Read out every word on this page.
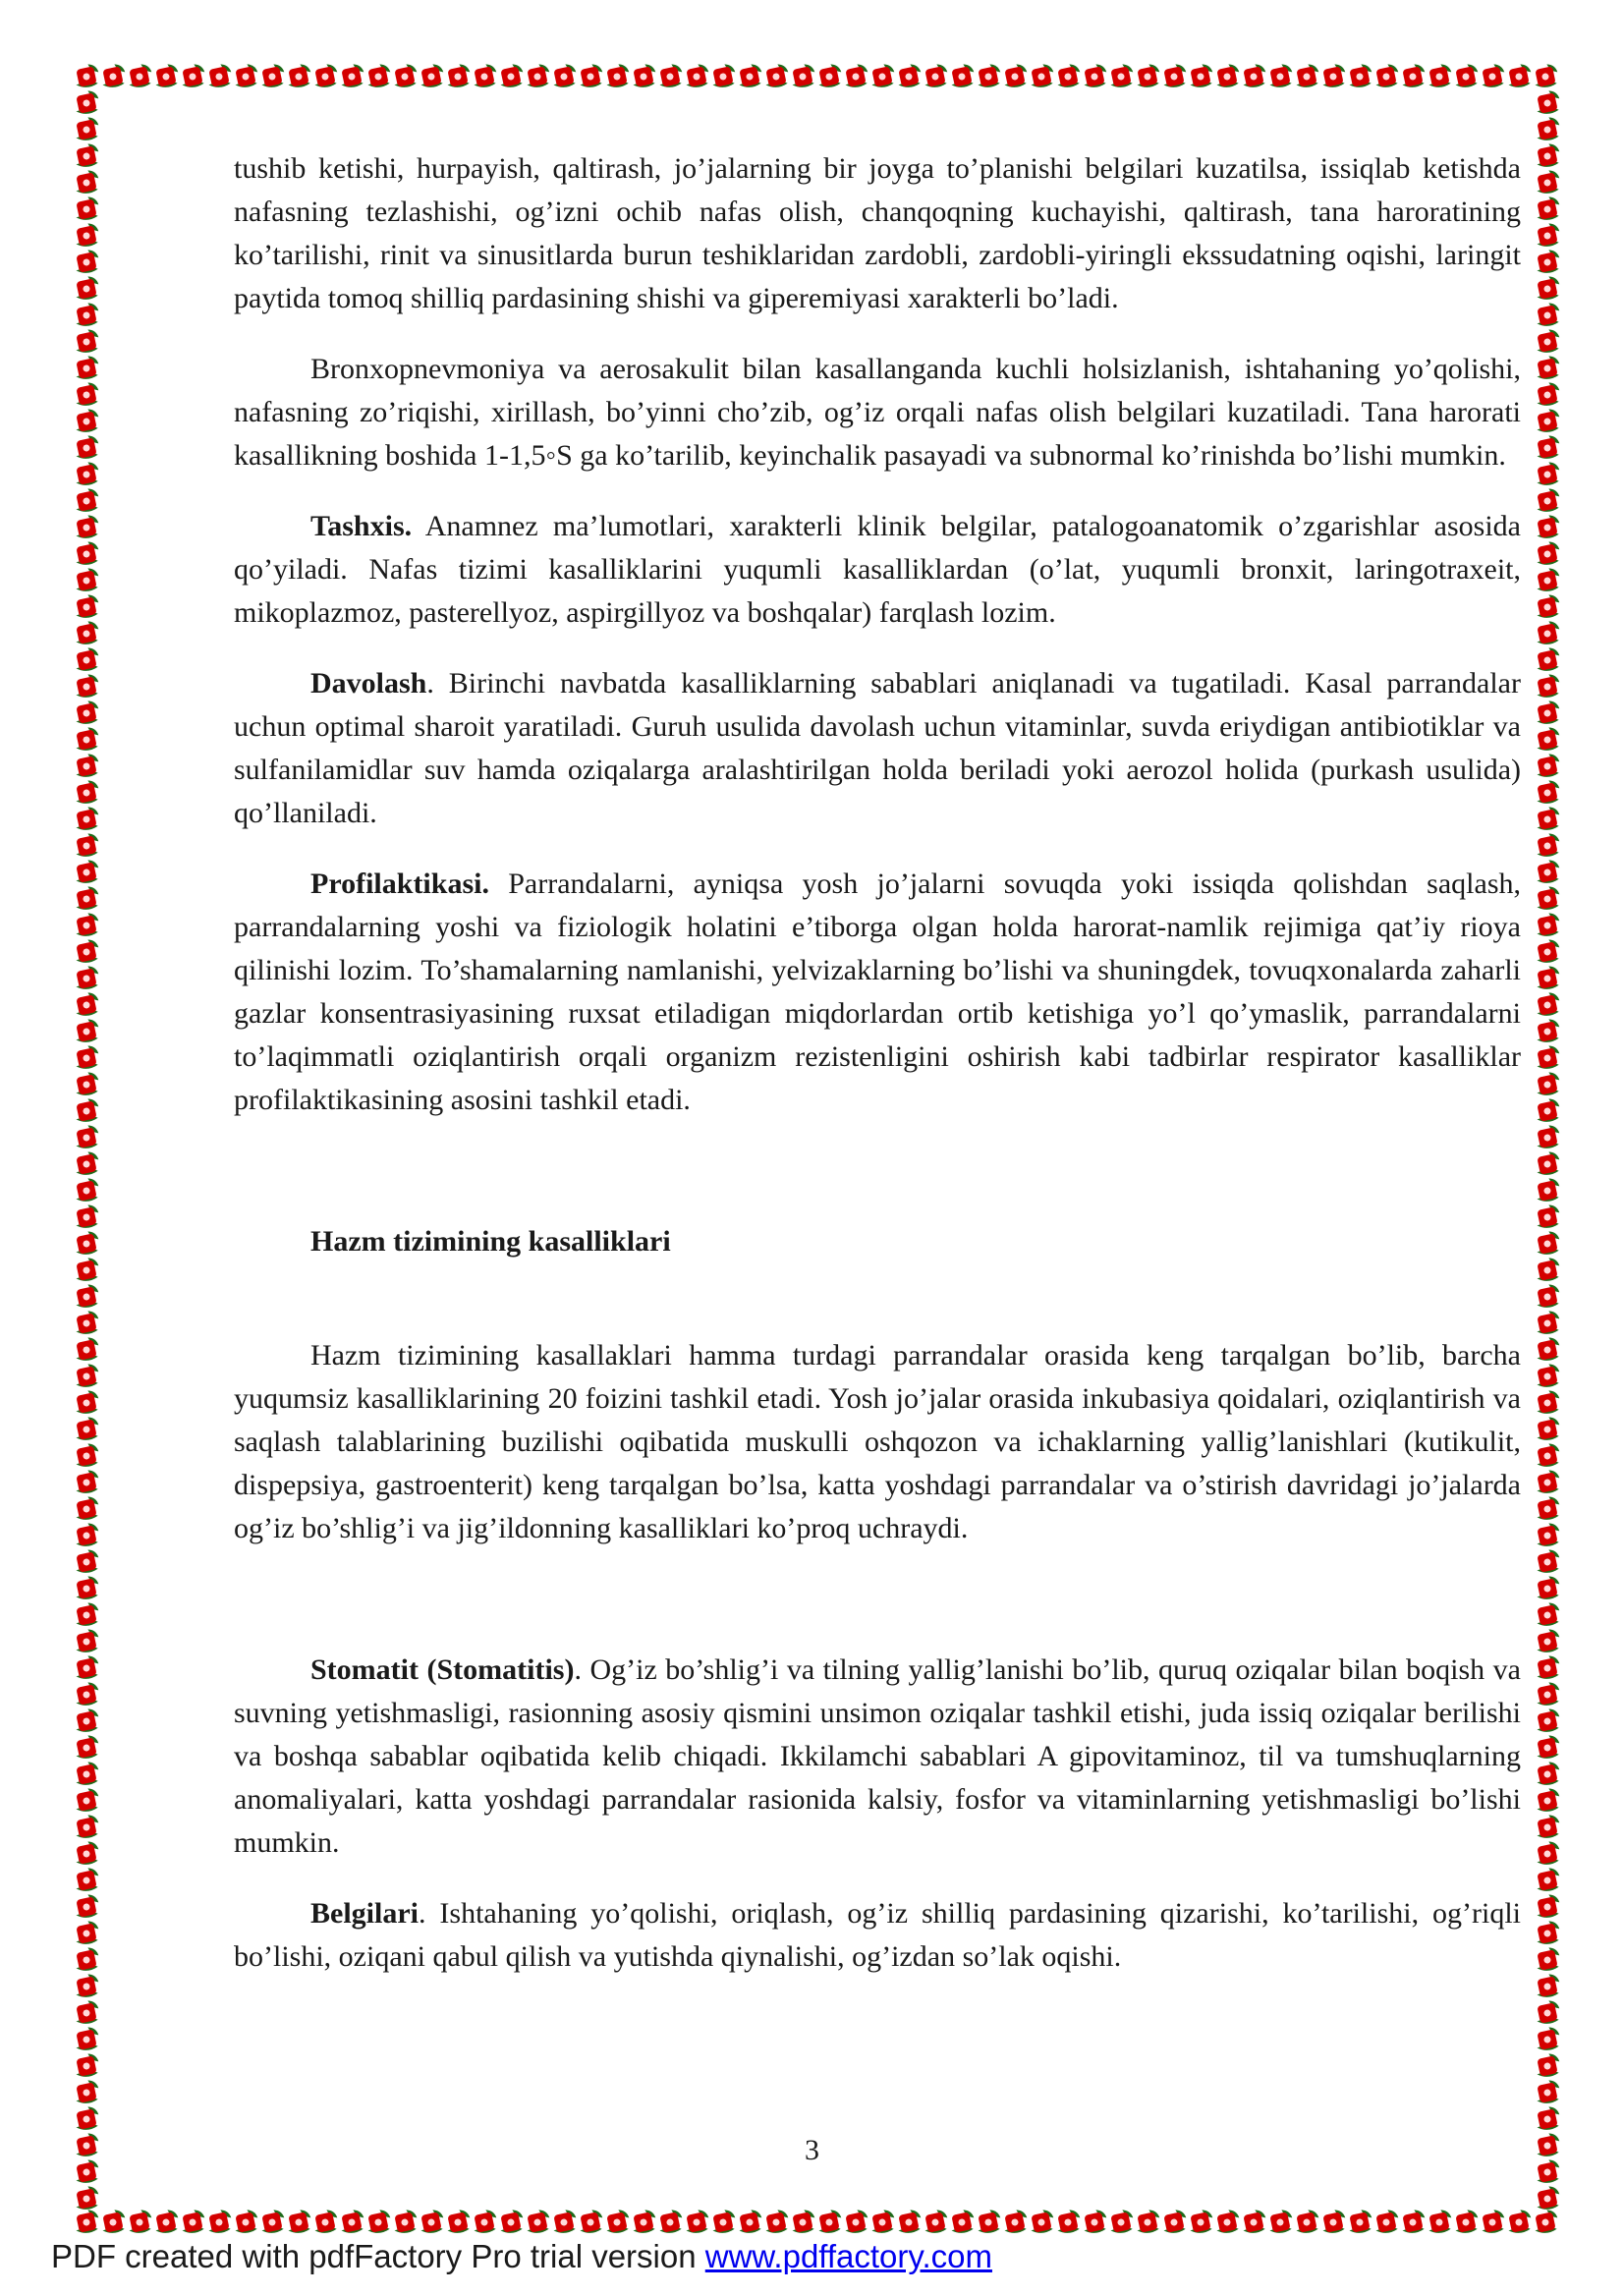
tushib ketishi, hurpayish, qaltirash, jo’jalarning bir joyga to’planishi belgilari kuzatilsa, issiqlab ketishda nafasning tezlashishi, og’izni ochib nafas olish, chanqoqning kuchayishi, qaltirash, tana haroratining ko’tarilishi, rinit va sinusitlarda burun teshiklaridan zardobli, zardobli-yiringli ekssudatning oqishi, laringit paytida tomoq shilliq pardasining shishi va giperemiyasi xarakterli bo’ladi.

Bronxopnevmoniya va aerosakulit bilan kasallanganda kuchli holsizlanish, ishtahaning yo’qolishi, nafasning zo’riqishi, xirillash, bo’yinni cho’zib, og’iz orqali nafas olish belgilari kuzatiladi. Tana harorati kasallikning boshida 1-1,5◦S ga ko’tarilib, keyinchalik pasayadi va subnormal ko’rinishda bo’lishi mumkin.

Tashxis. Anamnez ma’lumotlari, xarakterli klinik belgilar, patalogoanatomik o’zgarishlar asosida qo’yiladi. Nafas tizimi kasalliklarini yuqumli kasalliklardan (o’lat, yuqumli bronxit, laringotraxeit, mikoplazmoz, pasterellyoz, aspirgillyoz va boshqalar) farqlash lozim.

Davolash. Birinchi navbatda kasalliklarning sabablari aniqlanadi va tugatiladi. Kasal parrandalar uchun optimal sharoit yaratiladi. Guruh usulida davolash uchun vitaminlar, suvda eriydigan antibiotiklar va sulfanilamidlar suv hamda oziqalarga aralashtirilgan holda beriladi yoki aerozol holida (purkash usulida) qo’llaniladi.

Profilaktikasi. Parrandalarni, ayniqsa yosh jo’jalarni sovuqda yoki issiqda qolishdan saqlash, parrandalarning yoshi va fiziologik holatini e’tiborga olgan holda harorat-namlik rejimiga qat’iy rioya qilinishi lozim. To’shamalarning namlanishi, yelvizaklarning bo’lishi va shuningdek, tovuqxonalarda zaharli gazlar konsentrasiyasining ruxsat etiladigan miqdorlardan ortib ketishiga yo’l qo’ymaslik, parrandalarni to’laqimmatli oziqlantirish orqali organizm rezistenligini oshirish kabi tadbirlar respirator kasalliklar profilaktikasining asosini tashkil etadi.

Hazm tizimining kasalliklari

Hazm tizimining kasallaklari hamma turdagi parrandalar orasida keng tarqalgan bo’lib, barcha yuqumsiz kasalliklarining 20 foizini tashkil etadi. Yosh jo’jalar orasida inkubasiya qoidalari, oziqlantirish va saqlash talablarining buzilishi oqibatida muskulli oshqozon va ichaklarning yallig’lanishlari (kutikulit, dispepsiya, gastroenterit) keng tarqalgan bo’lsa, katta yoshdagi parrandalar va o’stirish davridagi jo’jalarda og’iz bo’shlig’i va jig’ildonning kasalliklari ko’proq uchraydi.

Stomatit (Stomatitis). Og’iz bo’shlig’i va tilning yallig’lanishi bo’lib, quruq oziqalar bilan boqish va suvning yetishmasligi, rasionning asosiy qismini unsimon oziqalar tashkil etishi, juda issiq oziqalar berilishi va boshqa sabablar oqibatida kelib chiqadi. Ikkilamchi sabablari A gipovitaminoz, til va tumshuqlarning anomaliyalari, katta yoshdagi parrandalar rasionida kalsiy, fosfor va vitaminlarning yetishmasligi bo’lishi mumkin.

Belgilari. Ishtahaning yo’qolishi, oriqlash, og’iz shilliq pardasining qizarishi, ko’tarilishi, og’riqli bo’lishi, oziqani qabul qilish va yutishda qiynalishi, og’izdan so’lak oqishi.

3
PDF created with pdfFactory Pro trial version www.pdffactory.com
